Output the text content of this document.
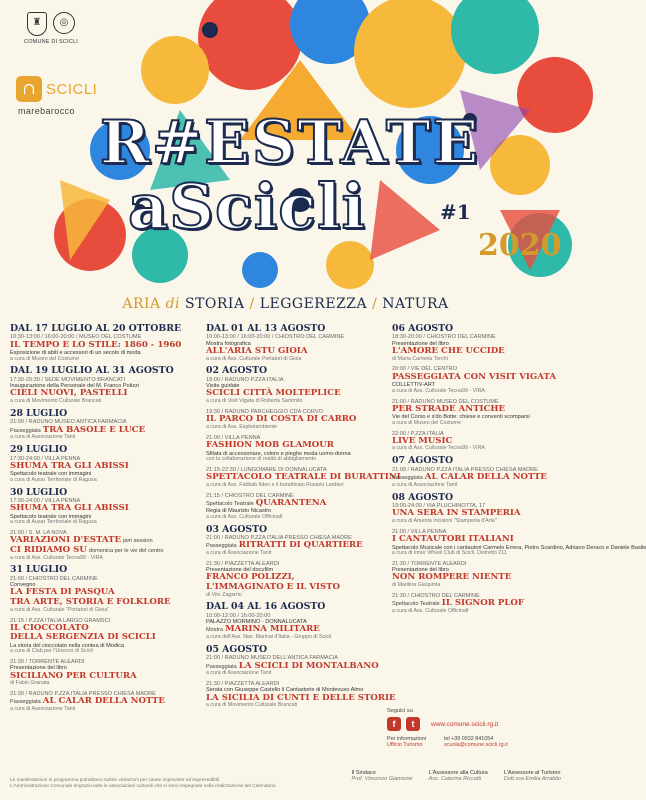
♜	◎
COMUNE DI SCICLI
∩ SCICLI
marebarocco R#ESTATE
aScicli	#1
2020
ARIA di STORIA / LEGGEREZZA / NATURA
DAL 17 LUGLIO AL 20 OTTOBRE
10:30-13:00 / 16:00-20:00 / MUSEO DEL COSTUME
IL TEMPO E LO STILE: 1860 - 1960
Esposizione di abiti e accessori di un secolo di moda
a cura di Museo del Costume
DAL 19 LUGLIO AL 31 AGOSTO
17:30-20:30 / SEDE MOVIMENTO BRANCATI
Inaugurazione della Personale del M. Franco Polizzi
CIELI NUOVI, PASTELLI
a cura di Movimento Culturale Brancati
28 LUGLIO
21:00 / RADUNO MUSEO ANTICA FARMACIA
Passeggiata TRA BASOLE E LUCE
a cura di Associazione Tanit
29 LUGLIO
17:30-24:00 / VILLA PENNA
SHUMA TRA GLI ABISSI
Spettacolo teatrale con immagini
a cura di Ausar Territoriale di Ragusa
30 LUGLIO
17:30-24:00 / VILLA PENNA
SHUMA TRA GLI ABISSI
Spettacolo teatrale con immagini
a cura di Ausar Territoriale di Ragusa
21:00 / S. M. LA NOVA
VARIAZIONI D'ESTATE jam session
CI RIDIAMO SU domenica per le vie del centro
a cura di Ass. Culturale Tecna99 - VIRA
31 LUGLIO
21:00 / CHIOSTRO DEL CARMINE
Convegno
LA FESTA DI PASQUA
TRA ARTE, STORIA E FOLKLORE
a cura di Ass. Culturale "Portatori di Gioia"
21:15 / P.ZZA ITALIA LARGO GRAMSCI
IL CIOCCOLATO
DELLA SERGENZIA DI SCICLI
La storia del cioccolato nella contea di Modica
a cura di Club per l'Unesco di Scicli
21:30 / TORRENTE ALEARDI
Presentazione del libro
SICILIANO PER CULTURA
di Fabio Granata
21:30 / RADUNO P.ZZA ITALIA PRESSO CHIESA MADRE
Passeggiata AL CALAR DELLA NOTTE
a cura di Associazione Tanit
DAL 01 AL 13 AGOSTO
10:00-13:00 / 16:00-20:00 / CHIOSTRO DEL CARMINE
Mostra fotografica
ALL'ARIA STU GIOIA
a cura di Ass. Culturale Portatori di Gioia
02 AGOSTO
18:00 / RADUNO P.ZZA ITALIA
Visite guidate
SCICLI CITTÀ MOLTEPLICE
a cura di Visit Vigata di Roberta Sammito
19:30 / RADUNO PARCHEGGIO CDA CORVO
IL PARCO DI COSTA DI CARRO
a cura di Ass. Esploriambiente
21:00 / VILLA PENNA
FASHION MOB GLAMOUR
Sfilata di accessoriare, colore e pieghe moda uomo-donna
con la collaborazione di realtà di abbigliamento
21:15-22:30 / LUNGOMARE DI DONNALUCATA
SPETTACOLO TEATRALE DI BURATTINI
a cura di Ass. Fabbab Ilden e il burattinaio Rosario Lardieri
21:15 / CHIOSTRO DEL CARMINE
Spettacolo Teatrale QUARANTENA
Regia di Maurizio Nicastro
a cura di Ass. Culturale Officinalf
03 AGOSTO
21:00 / RADUNO P.ZZA ITALIA PRESSO CHIESA MADRE
Passeggiata RITRATTI DI QUARTIERE
a cura di Associazione Tanit
21:30 / PIAZZETTA ALEARDI
Presentazione del docufilm
FRANCO POLIZZI,
L'IMMAGINATO E IL VISTO
di Vito Zagarrio
DAL 04 AL 16 AGOSTO
10:00-12:00 / 16:00-20:00
PALAZZO MORMINO - DONNALUCATA
Mostra MARINA MILITARE
a cura dell'Ass. Naz. Marinai d'Italia - Gruppo di Scicli
05 AGOSTO
21:00 / RADUNO MUSEO DELL'ANTICA FARMACIA
Passeggiata LA SCICLI DI MONTALBANO
a cura di Associazione Tanit
21:30 / PIAZZETTA ALEARDI
Serata con Giuseppe Castello il Cantastorie di Montevuso Almo
LA SICILIA DI CUNTI E DELLE STORIE
a cura di Movimento Culturale Brancati
06 AGOSTO
18:30-20:00 / CHIOSTRO DEL CARMINE
Presentazione del libro
L'AMORE CHE UCCIDE
di Maria Carmela Torchi
20:00 / VIE DEL CENTRO
PASSEGGIATA CON VISIT VIGATA
COLLETTIV-ART
a cura di Ass. Culturale Tecna99 - VIRA
21:00 / RADUNO MUSEO DEL COSTUME
PER STRADE ANTICHE
Vie del Corso e s'do Botte: chiese e conventi scomparsi
a cura di Museo del Costume
22:00 / P.ZZA ITALIA
LIVE MUSIC
a cura di Ass. Culturale Tecna99 - VIRA
07 AGOSTO
21:00 / RADUNO P.ZZA ITALIA PRESSO CHIESA MADRE
Passeggiata AL CALAR DELLA NOTTE
a cura di Associazione Tanit
08 AGOSTO
19:00-24:00 / VIA PLUCHINOTTA, 17
UNA SERA IN STAMPERIA
a cura di Amenta Incisioni "Stamperia d'Arte"
21:00 / VILLA PENNA
I CANTAUTORI ITALIANI
Spettacolo Musicale con i cantautori Carmelo Errera, Pietro Scardino, Adriano Deraco e Daniele Basile
a cura di Inner Wheel Club di Scicli, Distretto 211
21:30 / TORRENTE ALEARDI
Presentazione del libro
NON ROMPERE NIENTE
di Marilina Giaquinta
21:30 / CHIOSTRO DEL CARMINE
Spettacolo Teatrale IL SIGNOR PLOF
a cura di Ass. Culturale Officinalf
Seguici su
f	t	www.comune.scicli.rg.it
Per informazioni
Ufficio Turismo
tel +39 0932 841054
scuola@comune.scicli.rg.it
Le manifestazioni in programma potrebbero subire variazioni per cause impreviste ed imprevedibili.
L'Amministrazione Comunale ringrazia tutte le associazioni culturali che si sono impegnate nella realizzazione del Calendario.
Il Sindaco
Prof. Vincenzo Giannone
L'Assessore alla Cultura
Ass. Caterina Riccotti
L'Assessore al Turismo
Dott.ssa Emilia Arrabito
